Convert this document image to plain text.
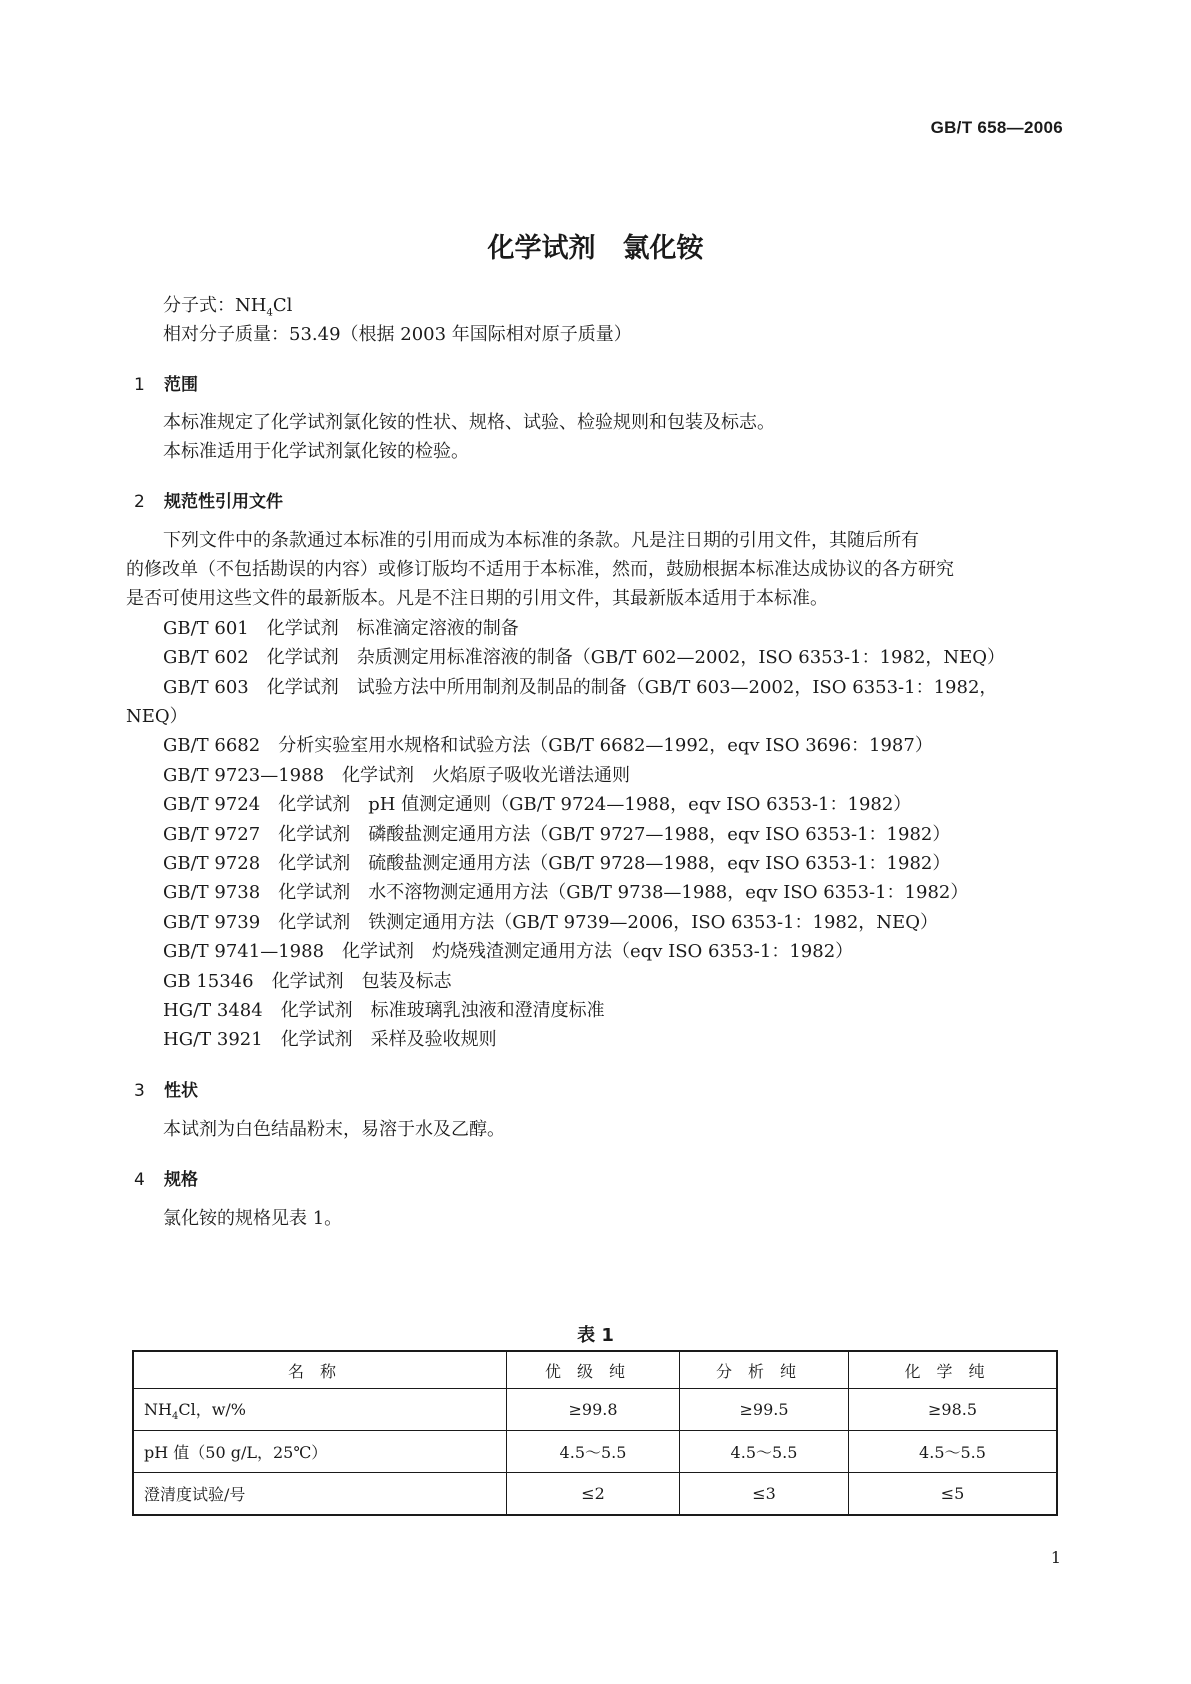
GB/T 658—2006
化学试剂　氯化铵
分子式：$NH_4Cl$
相对分子质量：53.49（根据 2003 年国际相对原子质量）
1 范围
本标准规定了化学试剂氯化铵的性状、规格、试验、检验规则和包装及标志。
本标准适用于化学试剂氯化铵的检验。
2 规范性引用文件
下列文件中的条款通过本标准的引用而成为本标准的条款。凡是注日期的引用文件，其随后所有
的修改单（不包括勘误的内容）或修订版均不适用于本标准，然而，鼓励根据本标准达成协议的各方研究
是否可使用这些文件的最新版本。凡是不注日期的引用文件，其最新版本适用于本标准。
GB/T 601 化学试剂　标准滴定溶液的制备
GB/T 602 化学试剂　杂质测定用标准溶液的制备（GB/T 602—2002，ISO 6353-1：1982，NEQ）
GB/T 603 化学试剂　试验方法中所用制剂及制品的制备（GB/T 603—2002，ISO 6353-1：1982，
NEQ）
GB/T 6682 分析实验室用水规格和试验方法（GB/T 6682—1992，eqv ISO 3696：1987）
GB/T 9723—1988 化学试剂　火焰原子吸收光谱法通则
GB/T 9724 化学试剂　pH 值测定通则（GB/T 9724—1988，eqv ISO 6353-1：1982）
GB/T 9727 化学试剂　磷酸盐测定通用方法（GB/T 9727—1988，eqv ISO 6353-1：1982）
GB/T 9728 化学试剂　硫酸盐测定通用方法（GB/T 9728—1988，eqv ISO 6353-1：1982）
GB/T 9738 化学试剂　水不溶物测定通用方法（GB/T 9738—1988，eqv ISO 6353-1：1982）
GB/T 9739 化学试剂　铁测定通用方法（GB/T 9739—2006，ISO 6353-1：1982，NEQ）
GB/T 9741—1988 化学试剂　灼烧残渣测定通用方法（eqv ISO 6353-1：1982）
GB 15346 化学试剂　包装及标志
HG/T 3484 化学试剂　标准玻璃乳浊液和澄清度标准
HG/T 3921 化学试剂　采样及验收规则
3 性状
本试剂为白色结晶粉末，易溶于水及乙醇。
4 规格
氯化铵的规格见表 1。
表 1
名称	优级纯	分析纯	化学纯
$NH_4Cl$，w/%	≥99.8	≥99.5	≥98.5
pH 值（50 g/L，25℃）	4.5～5.5	4.5～5.5	4.5～5.5
澄清度试验/号	≤2	≤3	≤5
1
